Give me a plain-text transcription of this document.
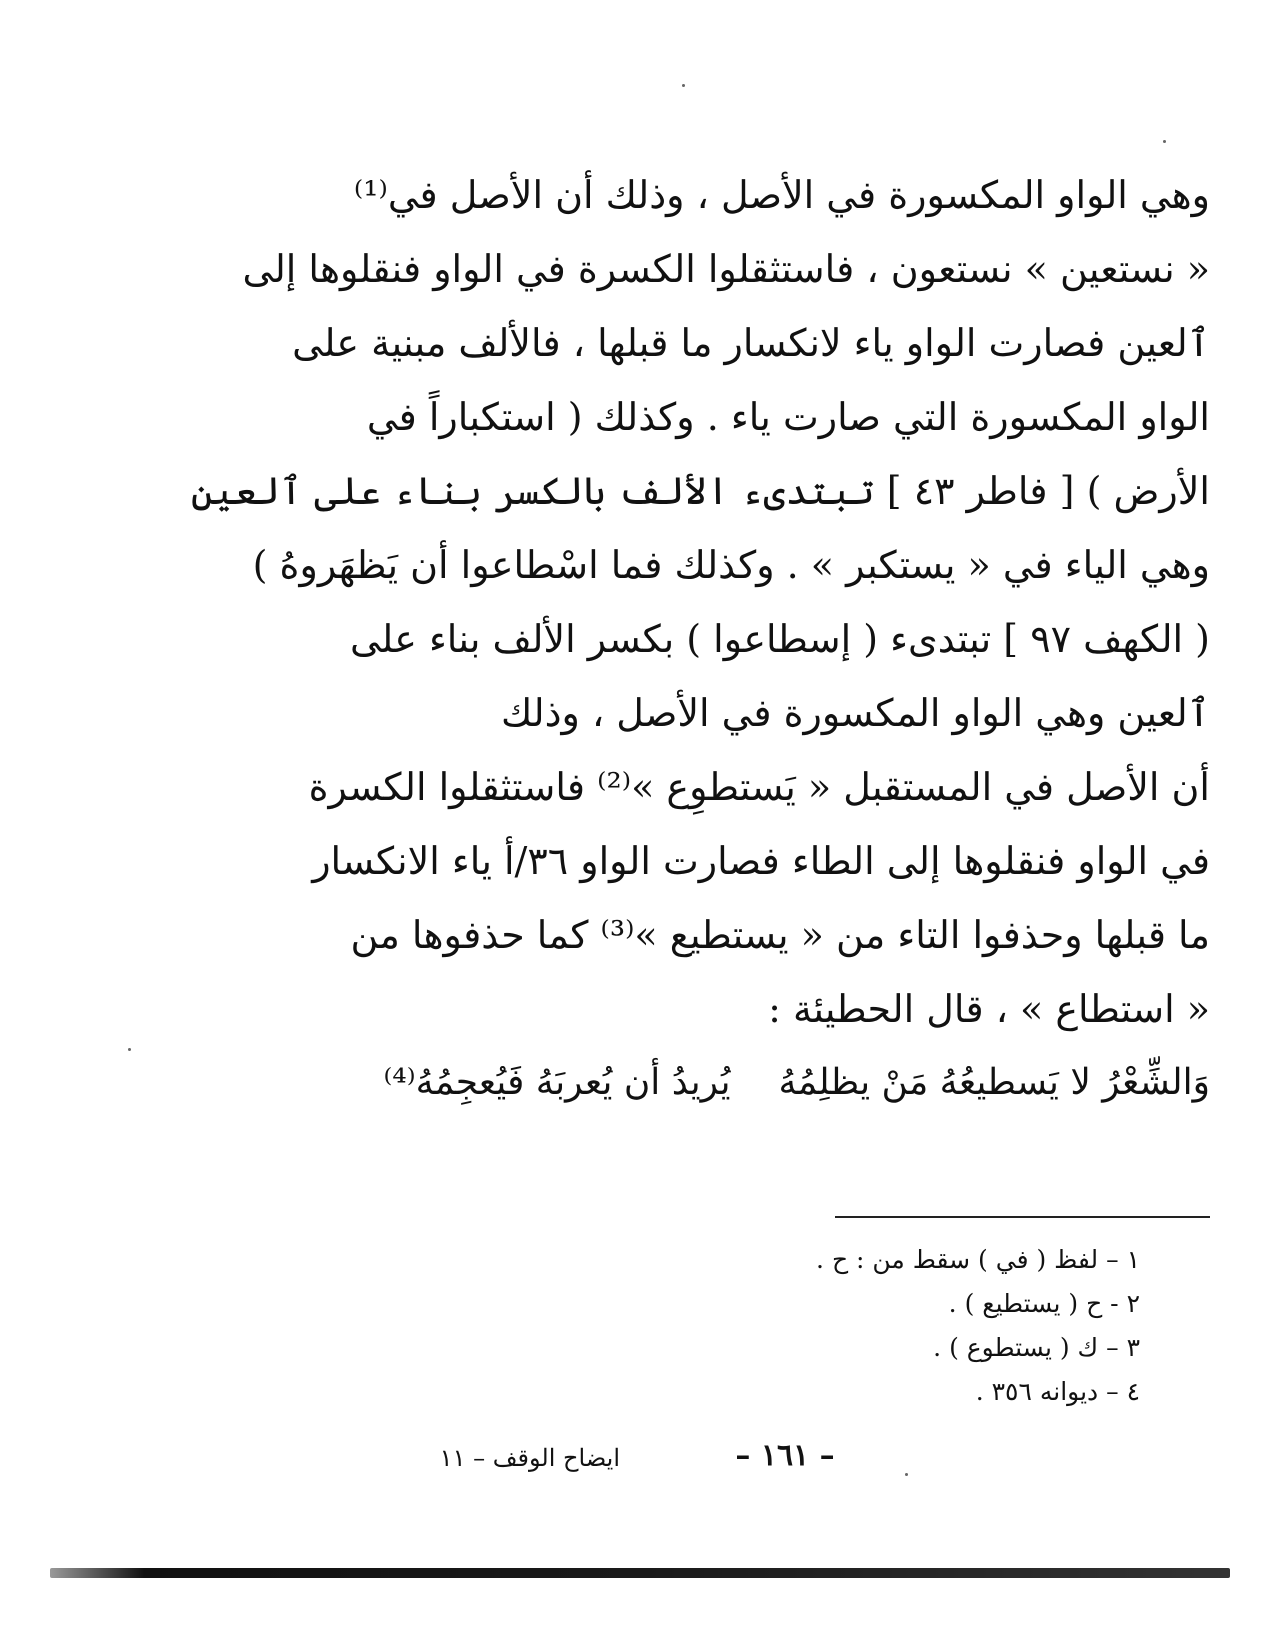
وهي الواو المكسورة في الأصل ، وذلك أن الأصل في⁽¹⁾
« نستعين » نستعون ، فاستثقلوا الكسرة في الواو فنقلوها إلى
ٱلعين فصارت الواو ياء لانكسار ما قبلها ، فالألف مبنية على
الواو المكسورة التي صارت ياء . وكذلك ( استكباراً في
الأرض ) [ فاطر ٤٣ ] تبتدىء الألف بالكسر بناء على ٱلعين
وهي الياء في « يستكبر » . وكذلك فما اسْطاعوا أن يَظهَروهُ )
( الكهف ٩٧ ] تبتدىء ( إسطاعوا ) بكسر الألف بناء على
ٱلعين وهي الواو المكسورة في الأصل ، وذلك
أن الأصل في المستقبل « يَستطوِع »⁽²⁾ فاستثقلوا الكسرة
في الواو فنقلوها إلى الطاء فصارت الواو ٣٦/أ ياء الانكسار
ما قبلها وحذفوا التاء من « يستطيع »⁽³⁾ كما حذفوها من
« استطاع » ، قال الحطيئة :
وَالشِّعْرُ لا يَسطيعُهُ مَنْ يظلِمُهُ
يُريدُ أن يُعربَهُ فَيُعجِمُهُ⁽⁴⁾
١ – لفظ ( في ) سقط من : ح .
٢ - ح ( يستطيع ) .
٣ – ك ( يستطوع ) .
٤ – ديوانه ٣٥٦ .
ايضاح الوقف – ١١	– ١٦١ –
